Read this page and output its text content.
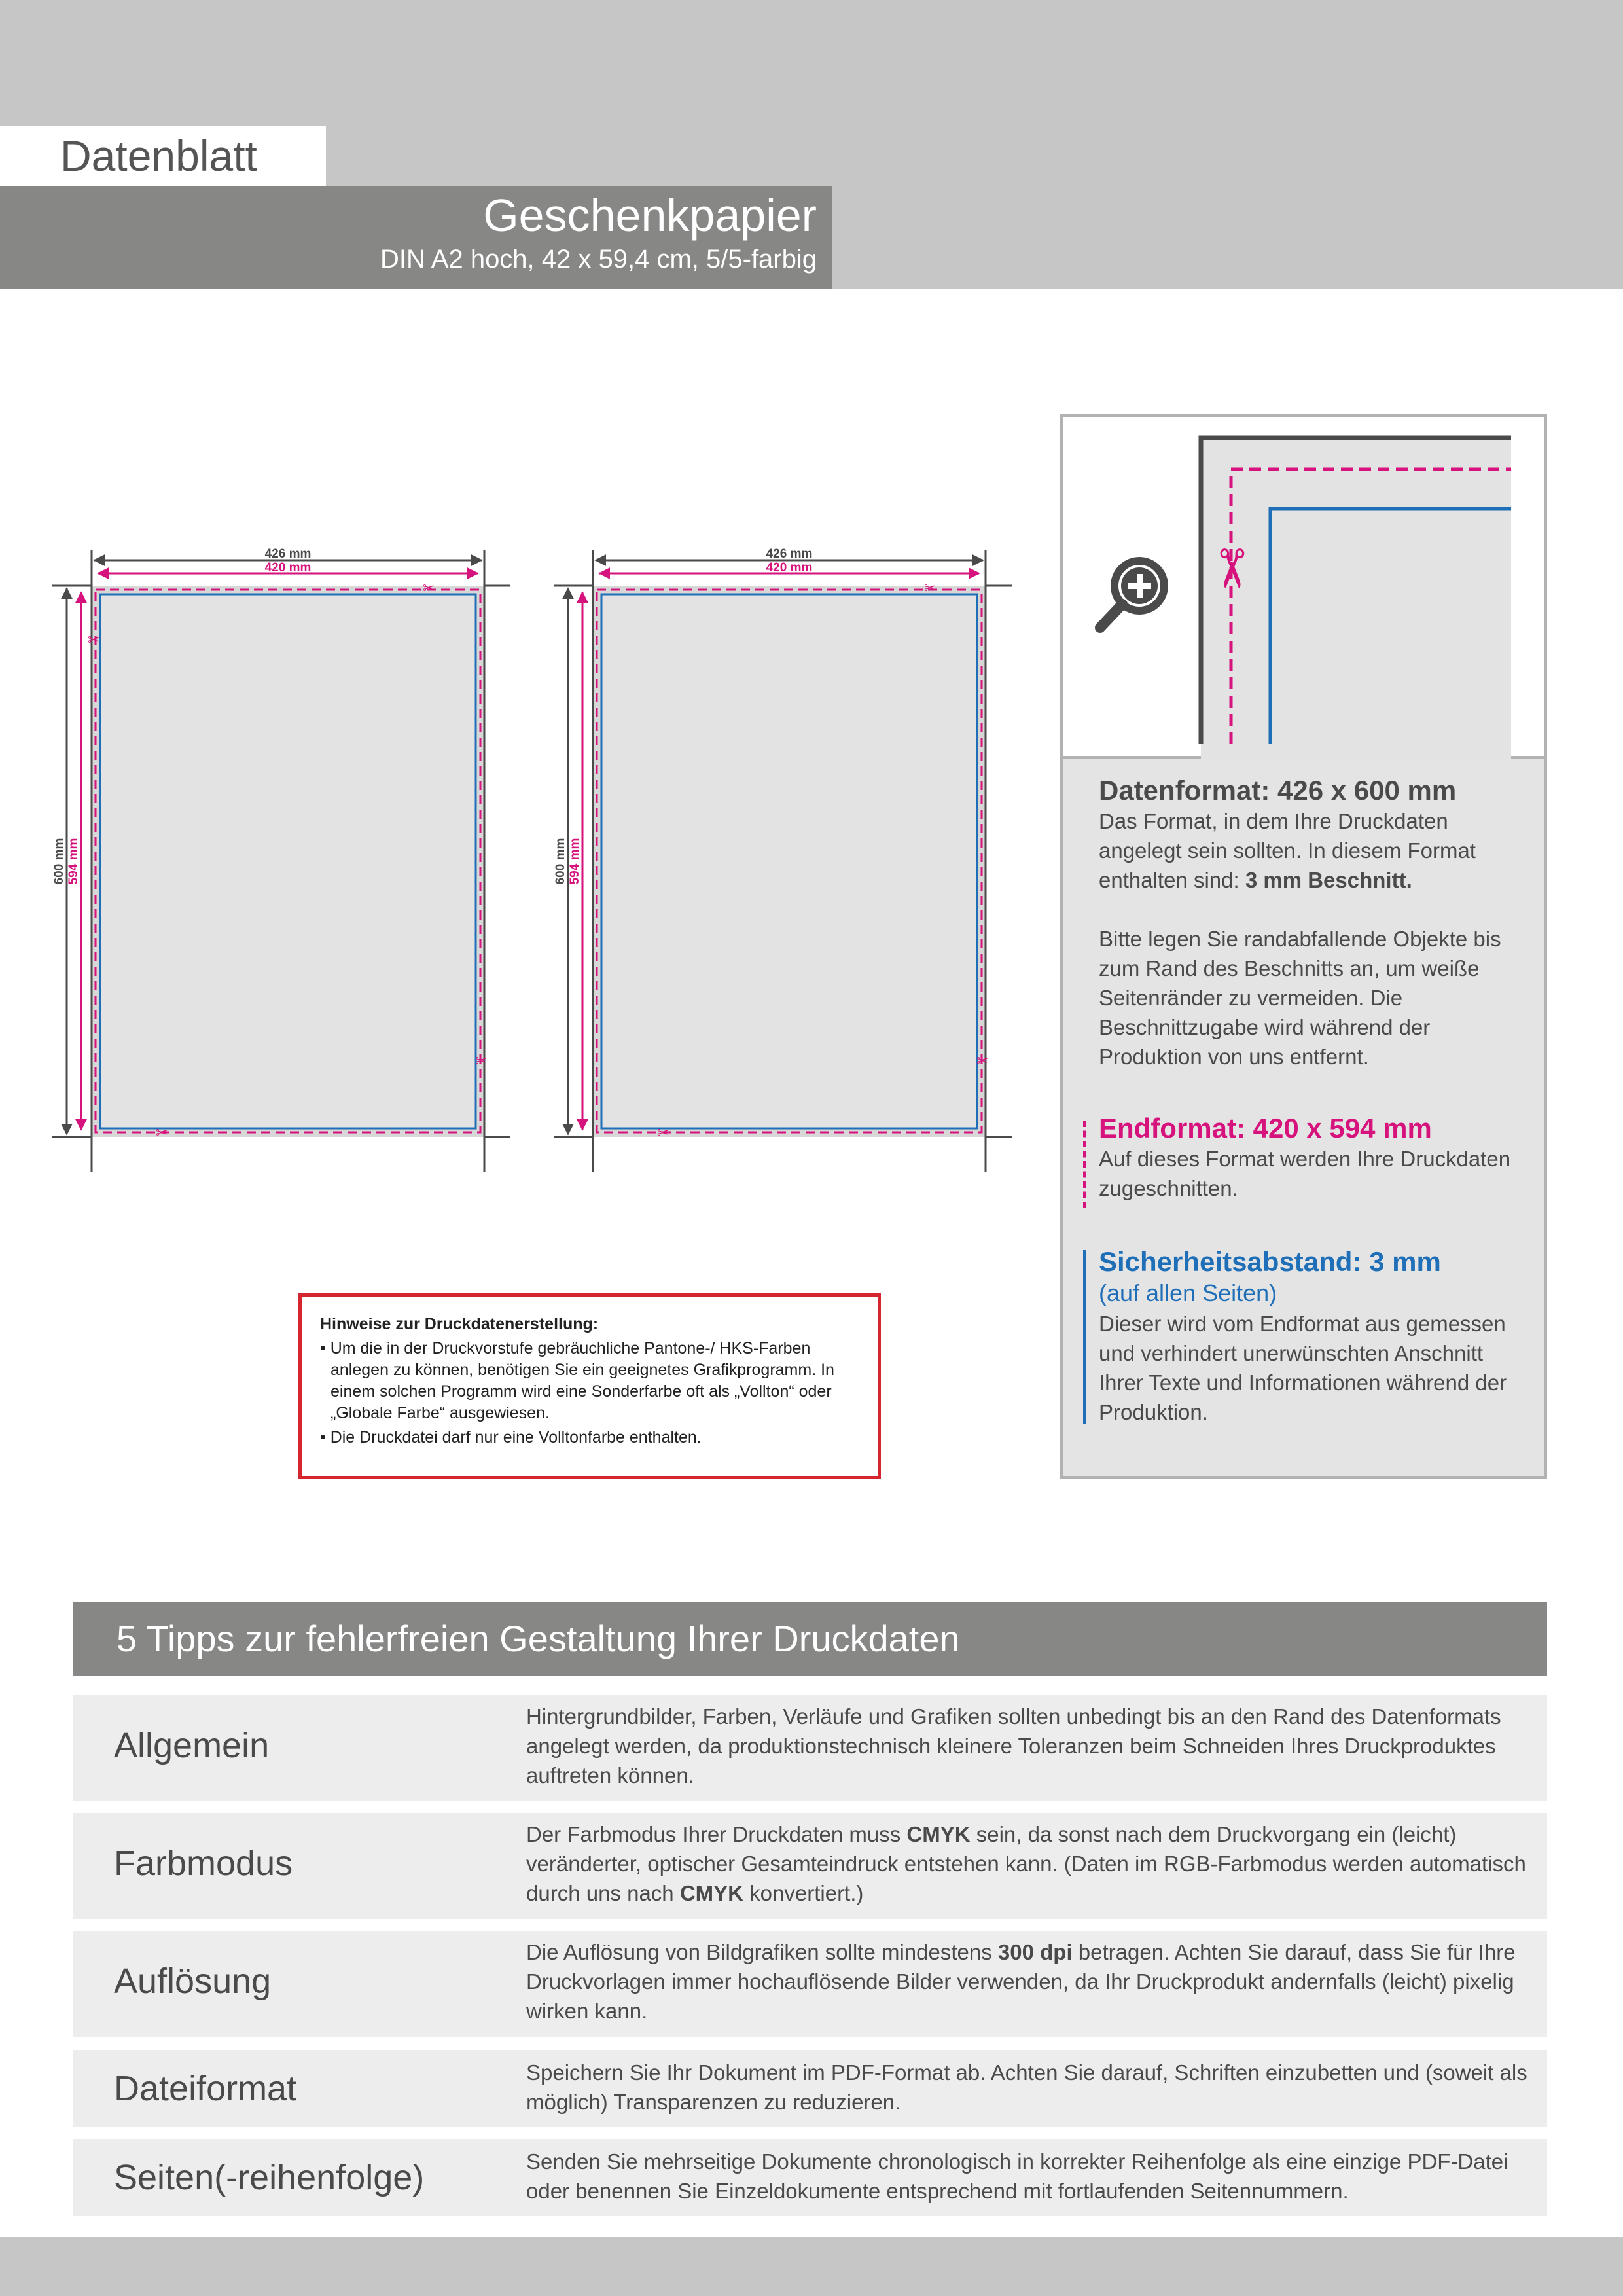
Datenblatt
Geschenkpapier
DIN A2 hoch, 42 x 59,4 cm, 5/5-farbig
426 mm
420 mm
600 mm 594 mm
✂
✂
✂
✂
426 mm
420 mm
600 mm 594 mm
✂
✂
✂
Hinweise zur Druckdatenerstellung:
• Um die in der Druckvorstufe gebräuchliche Pantone-/ HKS-Farben anlegen zu können, benötigen Sie ein geeignetes Grafikprogramm. In einem solchen Programm wird eine Sonderfarbe oft als „Vollton“ oder „Globale Farbe“ ausgewiesen.
• Die Druckdatei darf nur eine Volltonfarbe enthalten.
✂
Datenformat: 426 x 600 mm
Das Format, in dem Ihre Druckdaten angelegt sein sollten. In diesem Format enthalten sind: 3 mm Beschnitt.
Bitte legen Sie randabfallende Objekte bis zum Rand des Beschnitts an, um weiße Seitenränder zu vermeiden. Die Beschnittzugabe wird während der Produktion von uns entfernt.
Endformat: 420 x 594 mm
Auf dieses Format werden Ihre Druckdaten zugeschnitten.
Sicherheitsabstand: 3 mm
(auf allen Seiten)
Dieser wird vom Endformat aus gemessen und verhindert unerwünschten Anschnitt Ihrer Texte und Informationen während der Produktion.
5 Tipps zur fehlerfreien Gestaltung Ihrer Druckdaten
Allgemein
Hintergrundbilder, Farben, Verläufe und Grafiken sollten unbedingt bis an den Rand des Datenformats angelegt werden, da produktionstechnisch kleinere Toleranzen beim Schneiden Ihres Druckproduktes auftreten können.
Farbmodus
Der Farbmodus Ihrer Druckdaten muss CMYK sein, da sonst nach dem Druckvorgang ein (leicht) veränderter, optischer Gesamteindruck entstehen kann. (Daten im RGB-Farbmodus werden automatisch durch uns nach CMYK konvertiert.)
Auflösung
Die Auflösung von Bildgrafiken sollte mindestens 300 dpi betragen. Achten Sie darauf, dass Sie für Ihre Druckvorlagen immer hochauflösende Bilder verwenden, da Ihr Druckprodukt andernfalls (leicht) pixelig wirken kann.
Dateiformat	Speichern Sie Ihr Dokument im PDF-Format ab. Achten Sie darauf, Schriften einzubetten und (soweit als möglich) Transparenzen zu reduzieren.
Seiten(-reihenfolge)	Senden Sie mehrseitige Dokumente chronologisch in korrekter Reihenfolge als eine einzige PDF-Datei oder benennen Sie Einzeldokumente entsprechend mit fortlaufenden Seitennummern.
